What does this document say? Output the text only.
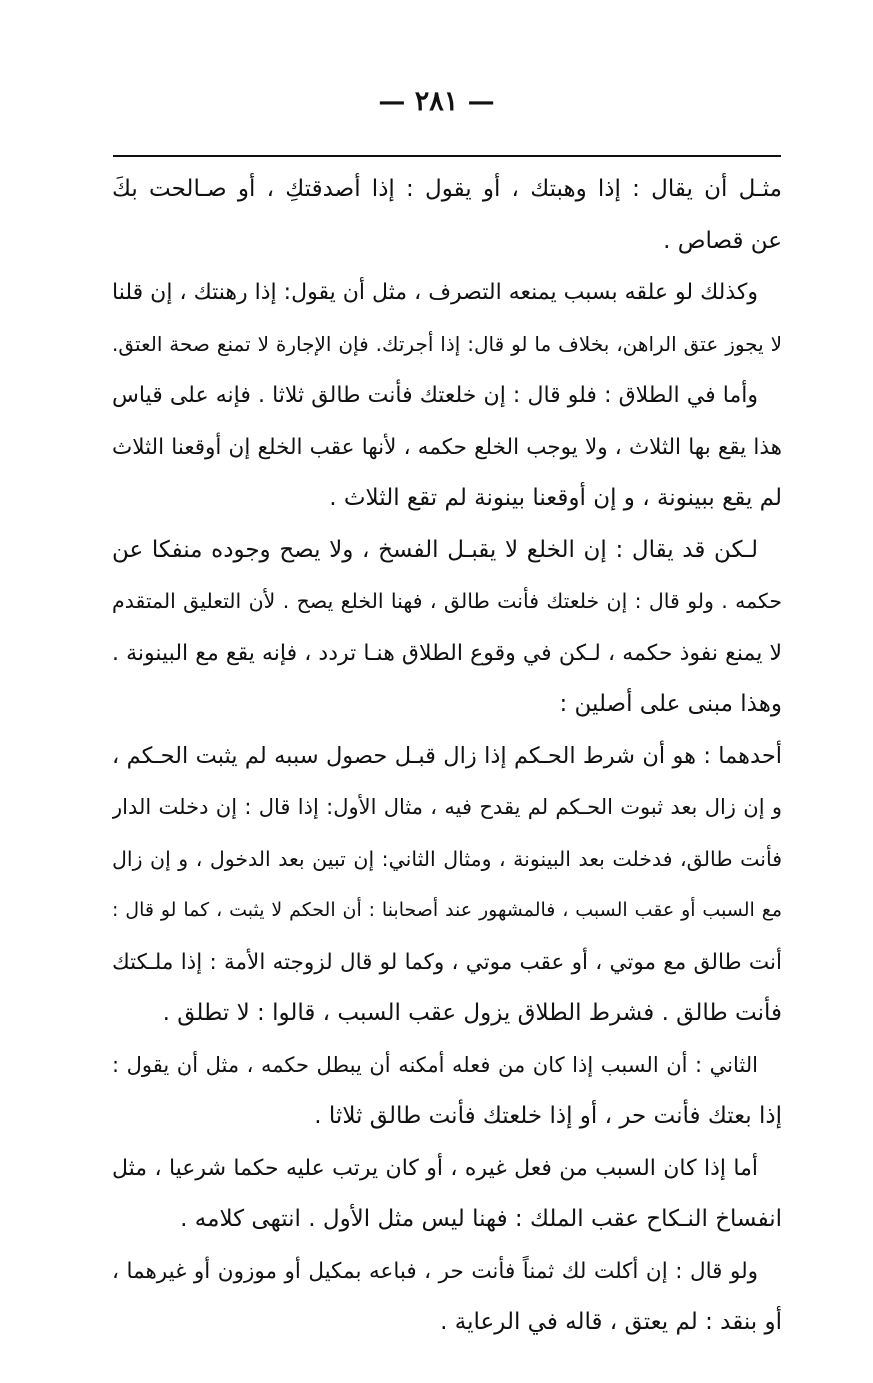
— ٢٨١ —
مثـل أن يقال : إذا وهبتك ، أو يقول : إذا أصدقتكِ ، أو صـالحت بكَ
عن قصاص .
وكذلك لو علقه بسبب يمنعه التصرف ، مثل أن يقول: إذا رهنتك ، إن قلنا
لا يجوز عتق الراهن، بخلاف ما لو قال: إذا أجرتك. فإن الإجارة لا تمنع صحة العتق.
وأما في الطلاق : فلو قال : إن خلعتك فأنت طالق ثلاثا . فإنه على قياس
هذا يقع بها الثلاث ، ولا يوجب الخلع حكمه ، لأنها عقب الخلع إن أوقعنا الثلاث
لم يقع ببينونة ، و إن أوقعنا بينونة لم تقع الثلاث .
لـكن قد يقال : إن الخلع لا يقبـل الفسخ ، ولا يصح وجوده منفكا عن
حكمه . ولو قال : إن خلعتك فأنت طالق ، فهنا الخلع يصح . لأن التعليق المتقدم
لا يمنع نفوذ حكمه ، لـكن في وقوع الطلاق هنـا تردد ، فإنه يقع مع البينونة .
وهذا مبنى على أصلين :
أحدهما : هو أن شرط الحـكم إذا زال قبـل حصول سببه لم يثبت الحـكم ،
و إن زال بعد ثبوت الحـكم لم يقدح فيه ، مثال الأول: إذا قال : إن دخلت الدار
فأنت طالق، فدخلت بعد البينونة ، ومثال الثاني: إن تبين بعد الدخول ، و إن زال
مع السبب أو عقب السبب ، فالمشهور عند أصحابنا : أن الحكم لا يثبت ، كما لو قال :
أنت طالق مع موتي ، أو عقب موتي ، وكما لو قال لزوجته الأمة : إذا ملـكتك
فأنت طالق . فشرط الطلاق يزول عقب السبب ، قالوا : لا تطلق .
الثاني : أن السبب إذا كان من فعله أمكنه أن يبطل حكمه ، مثل أن يقول :
إذا بعتك فأنت حر ، أو إذا خلعتك فأنت طالق ثلاثا .
أما إذا كان السبب من فعل غيره ، أو كان يرتب عليه حكما شرعيا ، مثل
انفساخ النـكاح عقب الملك : فهنا ليس مثل الأول . انتهى كلامه .
ولو قال : إن أكلت لك ثمناً فأنت حر ، فباعه بمكيل أو موزون أو غيرهما ،
أو بنقد : لم يعتق ، قاله في الرعاية .
